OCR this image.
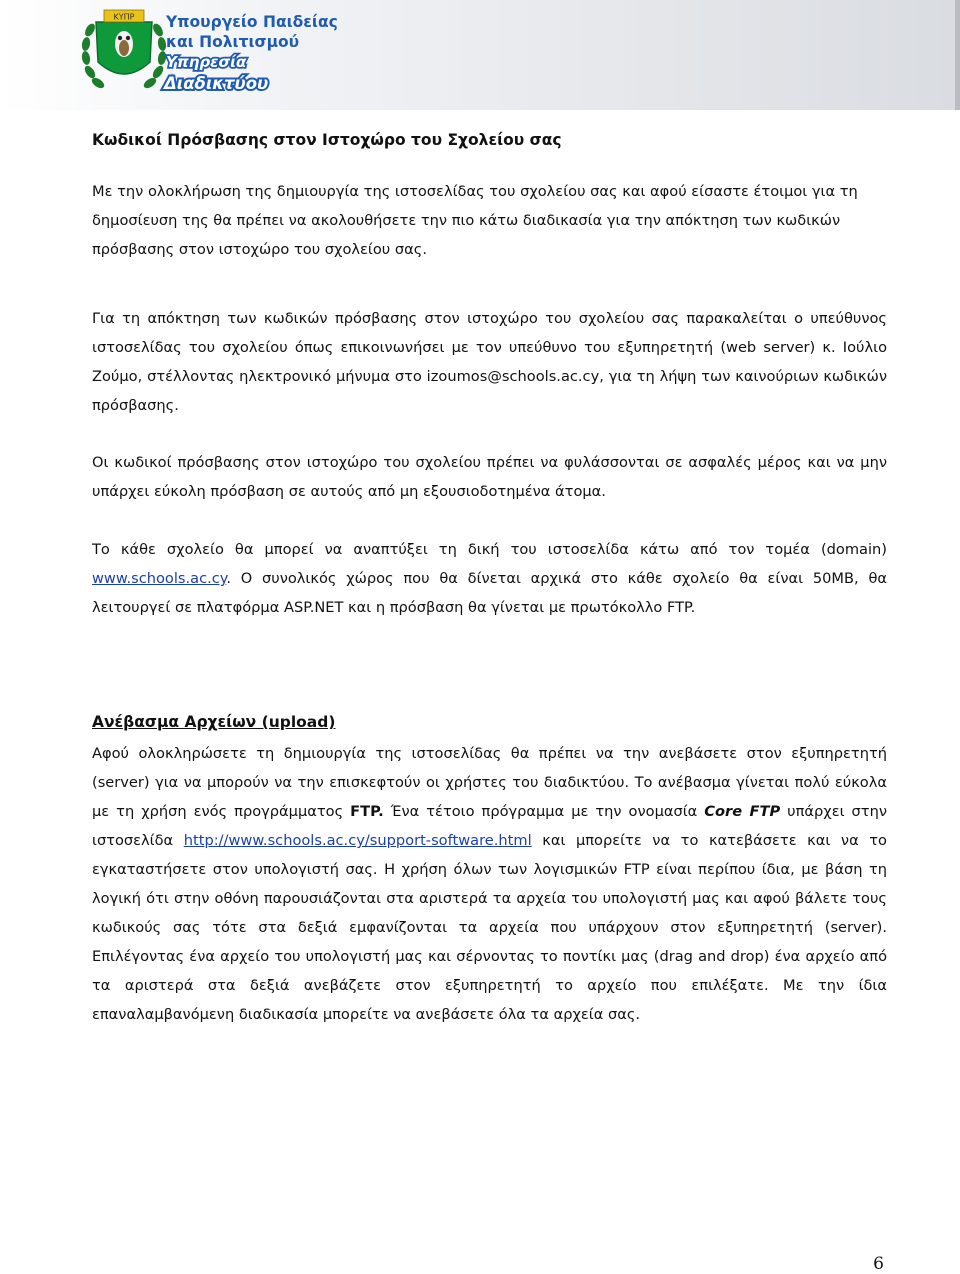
ΚΥΠΡ Υπουργείο Παιδείας
και Πολιτισμού
Υπηρεσία
Διαδικτύου
Κωδικοί Πρόσβασης στον Ιστοχώρο του Σχολείου σας

Με την ολοκλήρωση της δημιουργία της ιστοσελίδας του σχολείου σας και αφού είσαστε έτοιμοι για τη δημοσίευση της θα πρέπει να ακολουθήσετε την πιο κάτω διαδικασία για την απόκτηση των κωδικών πρόσβασης στον ιστοχώρο του σχολείου σας.

Για τη απόκτηση των κωδικών πρόσβασης στον ιστοχώρο του σχολείου σας παρακαλείται ο υπεύθυνος ιστοσελίδας του σχολείου όπως επικοινωνήσει με τον υπεύθυνο του εξυπηρετητή (web server) κ. Ιούλιο Ζούμο, στέλλοντας ηλεκτρονικό μήνυμα στο izoumos@schools.ac.cy, για τη λήψη των καινούριων κωδικών πρόσβασης.

Οι κωδικοί πρόσβασης στον ιστοχώρο του σχολείου πρέπει να φυλάσσονται σε ασφαλές μέρος και να μην υπάρχει εύκολη πρόσβαση σε αυτούς από μη εξουσιοδοτημένα άτομα.

Το κάθε σχολείο θα μπορεί να αναπτύξει τη δική του ιστοσελίδα κάτω από τον τομέα (domain) www.schools.ac.cy. Ο συνολικός χώρος που θα δίνεται αρχικά στο κάθε σχολείο θα είναι 50MB, θα λειτουργεί σε πλατφόρμα ASP.NET και η πρόσβαση θα γίνεται με πρωτόκολλο FTP.

Ανέβασμα Αρχείων (upload)

Αφού ολοκληρώσετε τη δημιουργία της ιστοσελίδας θα πρέπει να την ανεβάσετε στον εξυπηρετητή (server) για να μπορούν να την επισκεφτούν οι χρήστες του διαδικτύου. Το ανέβασμα γίνεται πολύ εύκολα με τη χρήση ενός προγράμματος FTP. Ένα τέτοιο πρόγραμμα με την ονομασία Core FTP υπάρχει στην ιστοσελίδα http://www.schools.ac.cy/support-software.html και μπορείτε να το κατεβάσετε και να το εγκαταστήσετε στον υπολογιστή σας. Η χρήση όλων των λογισμικών FTP είναι περίπου ίδια, με βάση τη λογική ότι στην οθόνη παρουσιάζονται στα αριστερά τα αρχεία του υπολογιστή μας και αφού βάλετε τους κωδικούς σας τότε στα δεξιά εμφανίζονται τα αρχεία που υπάρχουν στον εξυπηρετητή (server). Επιλέγοντας ένα αρχείο του υπολογιστή μας και σέρνοντας το ποντίκι μας (drag and drop) ένα αρχείο από τα αριστερά στα δεξιά ανεβάζετε στον εξυπηρετητή το αρχείο που επιλέξατε. Με την ίδια επαναλαμβανόμενη διαδικασία μπορείτε να ανεβάσετε όλα τα αρχεία σας.

6
